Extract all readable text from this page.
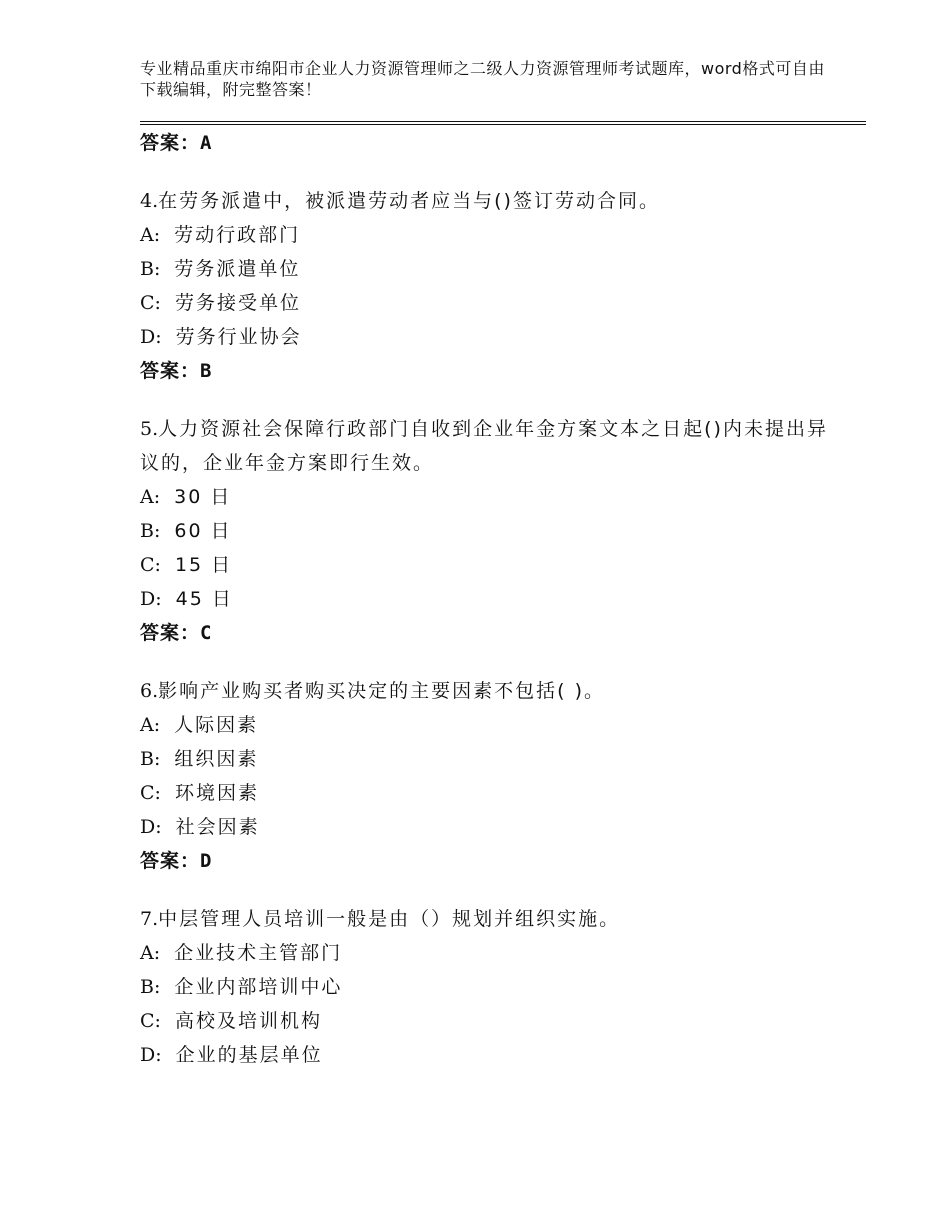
专业精品重庆市绵阳市企业人力资源管理师之二级人力资源管理师考试题库，word格式可自由下载编辑，附完整答案！
答案：A
4.在劳务派遣中，被派遣劳动者应当与()签订劳动合同。
A: 劳动行政部门
B: 劳务派遣单位
C: 劳务接受单位
D: 劳务行业协会
答案：B
5.人力资源社会保障行政部门自收到企业年金方案文本之日起()内未提出异议的，企业年金方案即行生效。
A: 30 日
B: 60 日
C: 15 日
D: 45 日
答案：C
6.影响产业购买者购买决定的主要因素不包括( )。
A: 人际因素
B: 组织因素
C: 环境因素
D: 社会因素
答案：D
7.中层管理人员培训一般是由（）规划并组织实施。
A: 企业技术主管部门
B: 企业内部培训中心
C: 高校及培训机构
D: 企业的基层单位
